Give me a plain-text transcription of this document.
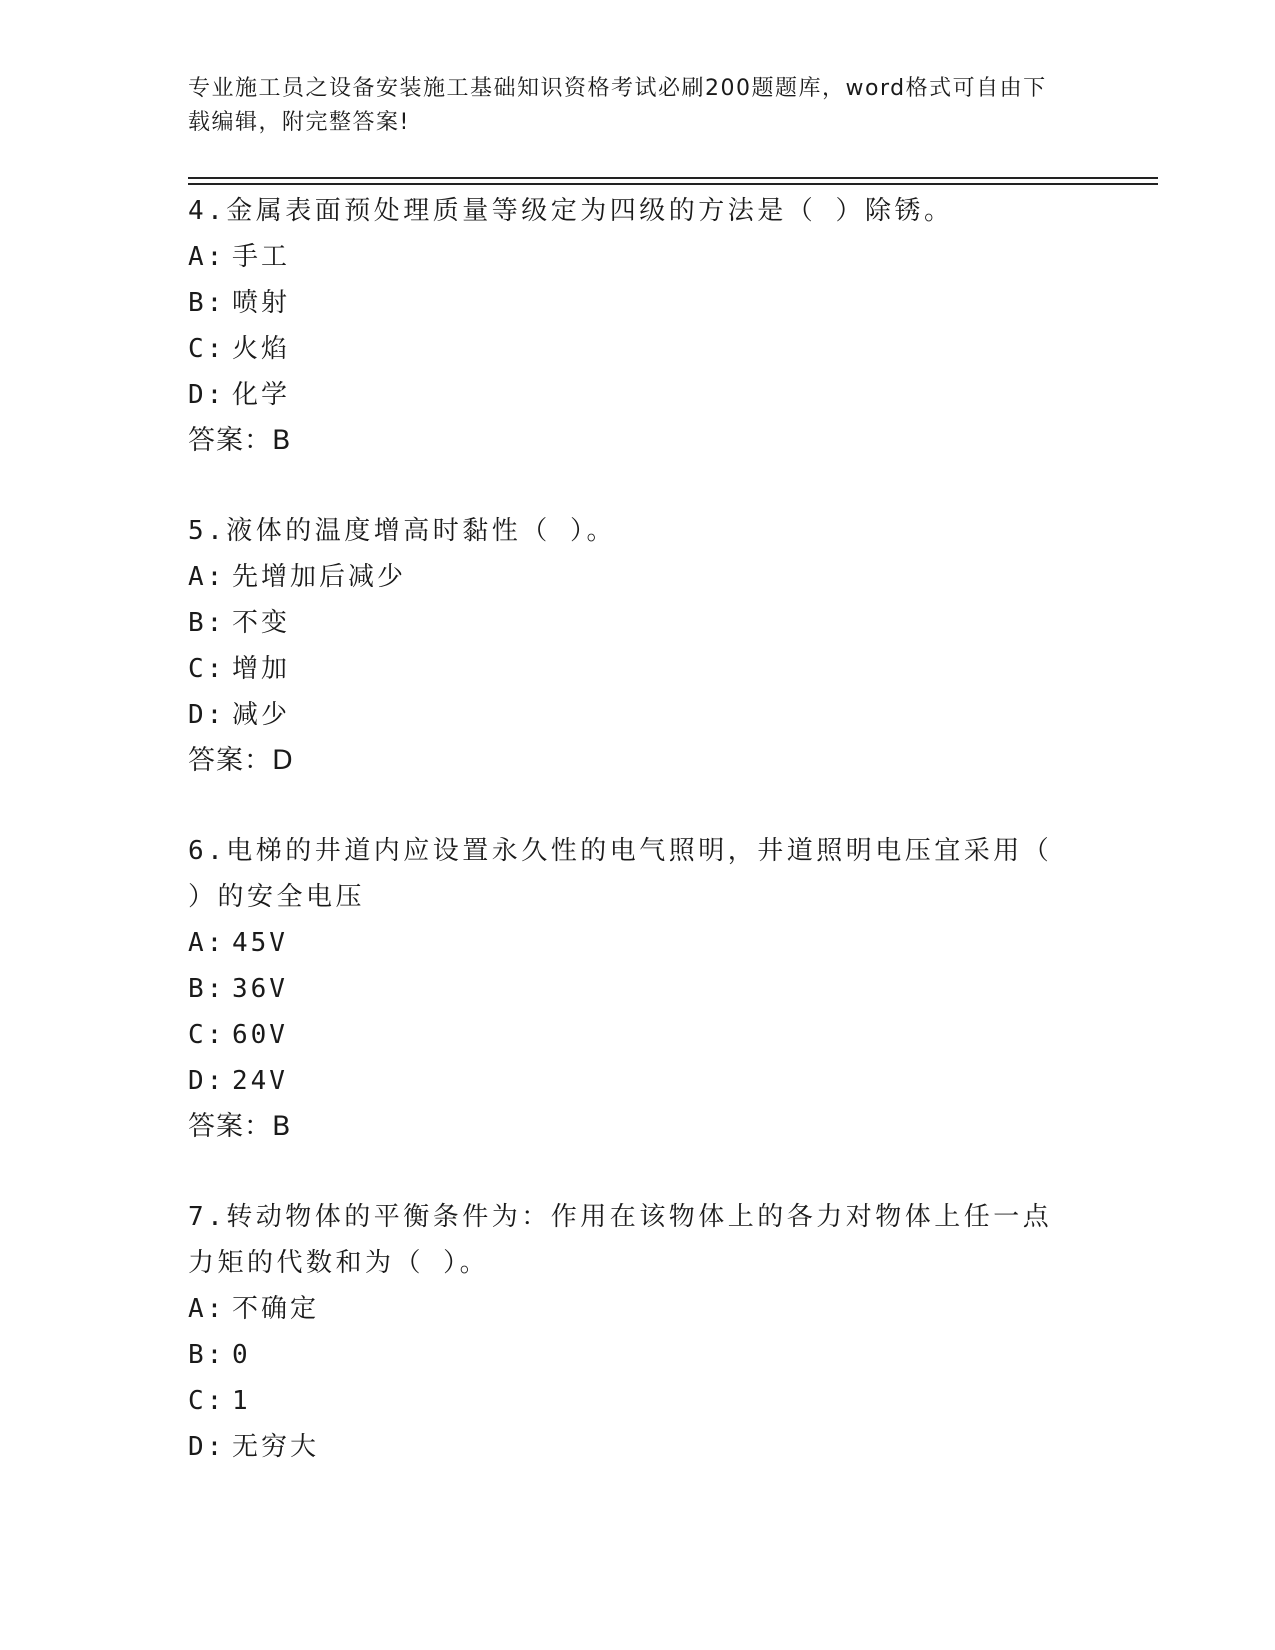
专业施工员之设备安装施工基础知识资格考试必刷200题题库，word格式可自由下载编辑，附完整答案!

4.金属表面预处理质量等级定为四级的方法是（ ）除锈。

A: 手工

B: 喷射

C: 火焰

D: 化学

答案：B

5.液体的温度增高时黏性（ ）。

A: 先增加后减少

B: 不变

C: 增加

D: 减少

答案：D

6.电梯的井道内应设置永久性的电气照明，井道照明电压宜采用（ ）的安全电压

A: 45V

B: 36V

C: 60V

D: 24V

答案：B

7.转动物体的平衡条件为：作用在该物体上的各力对物体上任一点力矩的代数和为（ ）。

A: 不确定

B: 0

C: 1

D: 无穷大
